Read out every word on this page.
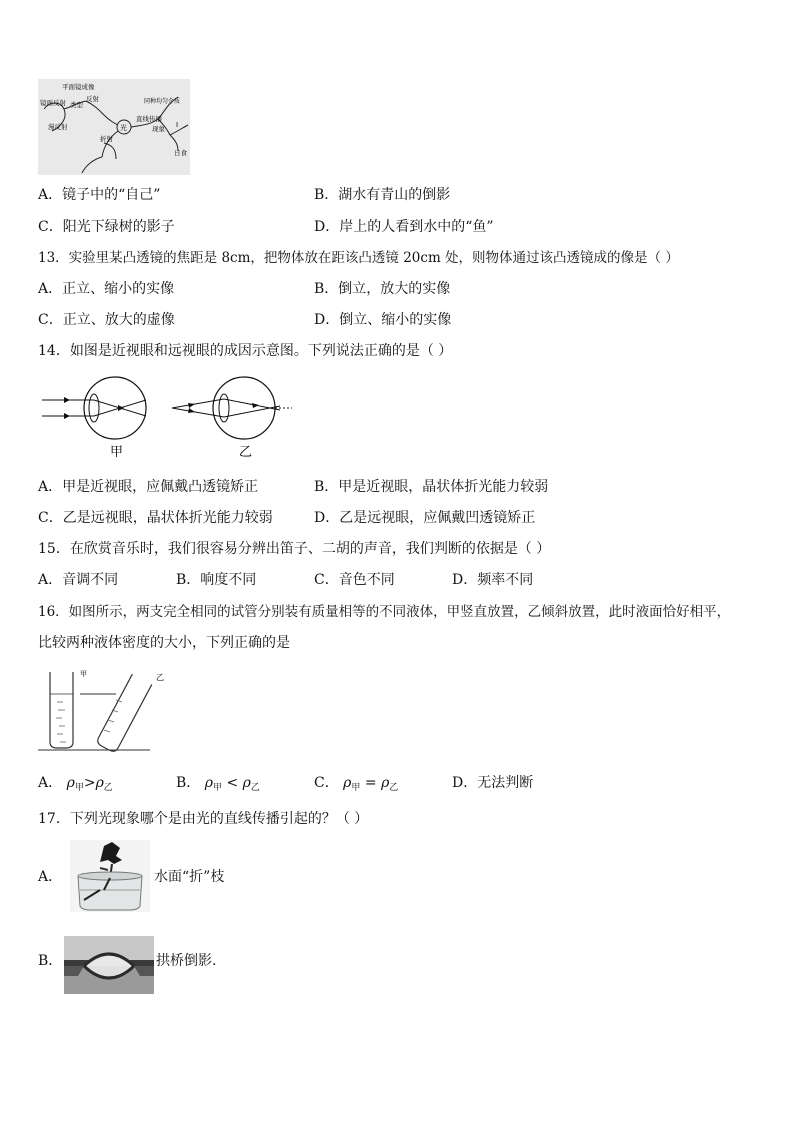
平面镜成像
镜面反射 类型
反射
漫反射	光
折射
直线传播
同种均匀介质
现象 Ⅰ
日食
A．镜子中的“自己”	B．湖水有青山的倒影
C．阳光下绿树的影子	D．岸上的人看到水中的“鱼”
13．实验里某凸透镜的焦距是 8cm，把物体放在距该凸透镜 20cm 处，则物体通过该凸透镜成的像是（ ）
A．正立、缩小的实像	B．倒立，放大的实像
C．正立、放大的虚像	D．倒立、缩小的实像
14．如图是近视眼和远视眼的成因示意图。下列说法正确的是（ ）
甲	乙
A．甲是近视眼，应佩戴凸透镜矫正	B．甲是近视眼，晶状体折光能力较弱
C．乙是远视眼，晶状体折光能力较弱	D．乙是远视眼，应佩戴凹透镜矫正
15．在欣赏音乐时，我们很容易分辨出笛子、二胡的声音，我们判断的依据是（ ）
A．音调不同	B．响度不同	C．音色不同	D．频率不同
16．如图所示，两支完全相同的试管分别装有质量相等的不同液体，甲竖直放置，乙倾斜放置，此时液面恰好相平，
比较两种液体密度的大小，下列正确的是
甲	乙
A． $\rho_甲>\rho_乙$	B． $\rho_甲 < \rho_乙$	C． $\rho_甲 = \rho_乙$	D．无法判断
17．下列光现象哪个是由光的直线传播引起的？（ ）
A．	水面“折”枝
B．	拱桥倒影.
